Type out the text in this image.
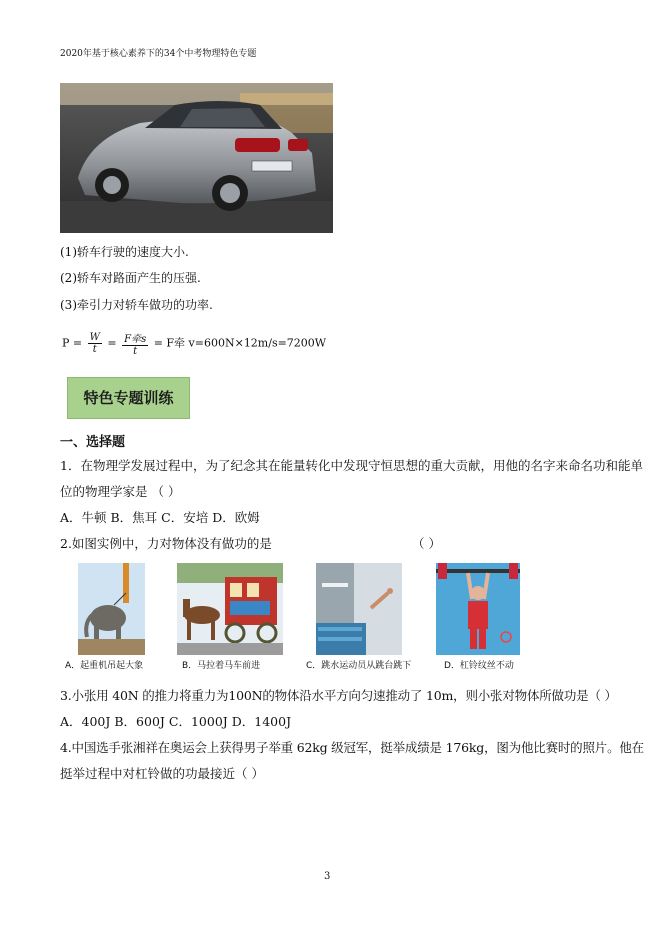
2020年基于核心素养下的34个中考物理特色专题
(1)轿车行驶的速度大小.
(2)轿车对路面产生的压强.
(3)牵引力对轿车做功的功率.
$P = \frac{W}{t} = \frac{\text{F牵s}}{t} = F$牵 v=600N×12m/s=7200W
特色专题训练
一、选择题
1．在物理学发展过程中，为了纪念其在能量转化中发现守恒思想的重大贡献，用他的名字来命名功和能单
位的物理学家是 （ ）
A．牛顿 B．焦耳 C．安培 D．欧姆
2.如图实例中，力对物体没有做功的是	（ ）
A．起重机吊起大象	B．马拉着马车前进	C．跳水运动员从跳台跳下	D．杠铃纹丝不动
3.小张用 40N 的推力将重力为100N的物体沿水平方向匀速推动了 10m，则小张对物体所做功是（ ）
A．400J B．600J C．1000J D．1400J
4.中国选手张湘祥在奥运会上获得男子举重 62kg 级冠军，挺举成绩是 176kg，图为他比赛时的照片。他在
挺举过程中对杠铃做的功最接近（ ）
3
